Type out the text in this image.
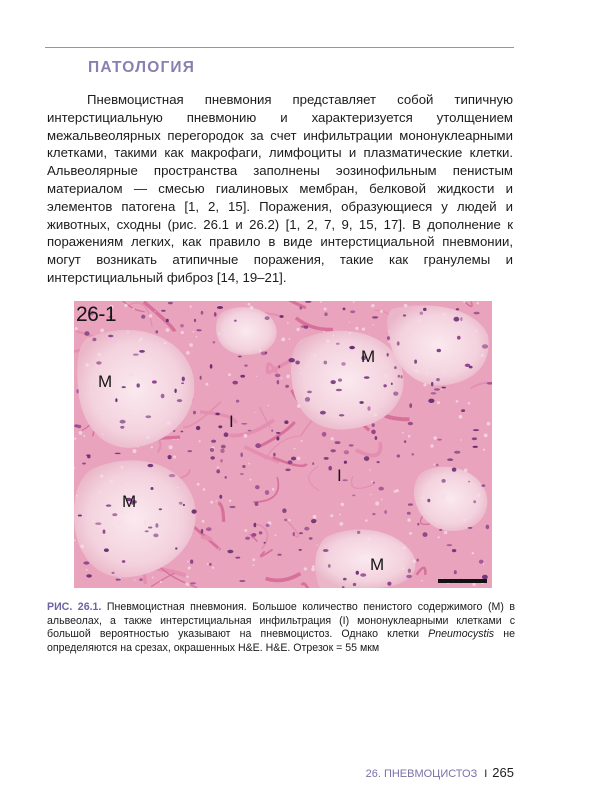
ПАТОЛОГИЯ

Пневмоцистная пневмония представляет собой типичную интерстициальную пневмонию и характеризуется утолщением межальвеолярных перегородок за счет инфильтрации мононуклеарными клетками, такими как макрофаги, лимфоциты и плазматические клетки. Альвеолярные пространства заполнены эозинофильным пенистым материалом — смесью гиалиновых мембран, белковой жидкости и элементов патогена [1, 2, 15]. Поражения, образующиеся у людей и животных, сходны (рис. 26.1 и 26.2) [1, 2, 7, 9, 15, 17]. В дополнение к поражениям легких, как правило в виде интерстициальной пневмонии, могут возникать атипичные поражения, такие как гранулемы и интерстициальный фиброз [14, 19–21].

26-1
M
M
M
I
I
M

РИС. 26.1. Пневмоцистная пневмония. Большое количество пенистого содержимого (М) в альвеолах, а также интерстициальная инфильтрация (I) мононуклеарными клетками с большой вероятностью указывают на пневмоцистоз. Однако клетки Pneumocystis не определяются на срезах, окрашенных H&E. H&E. Отрезок = 55 мкм

26. ПНЕВМОЦИСТОЗ I 265
